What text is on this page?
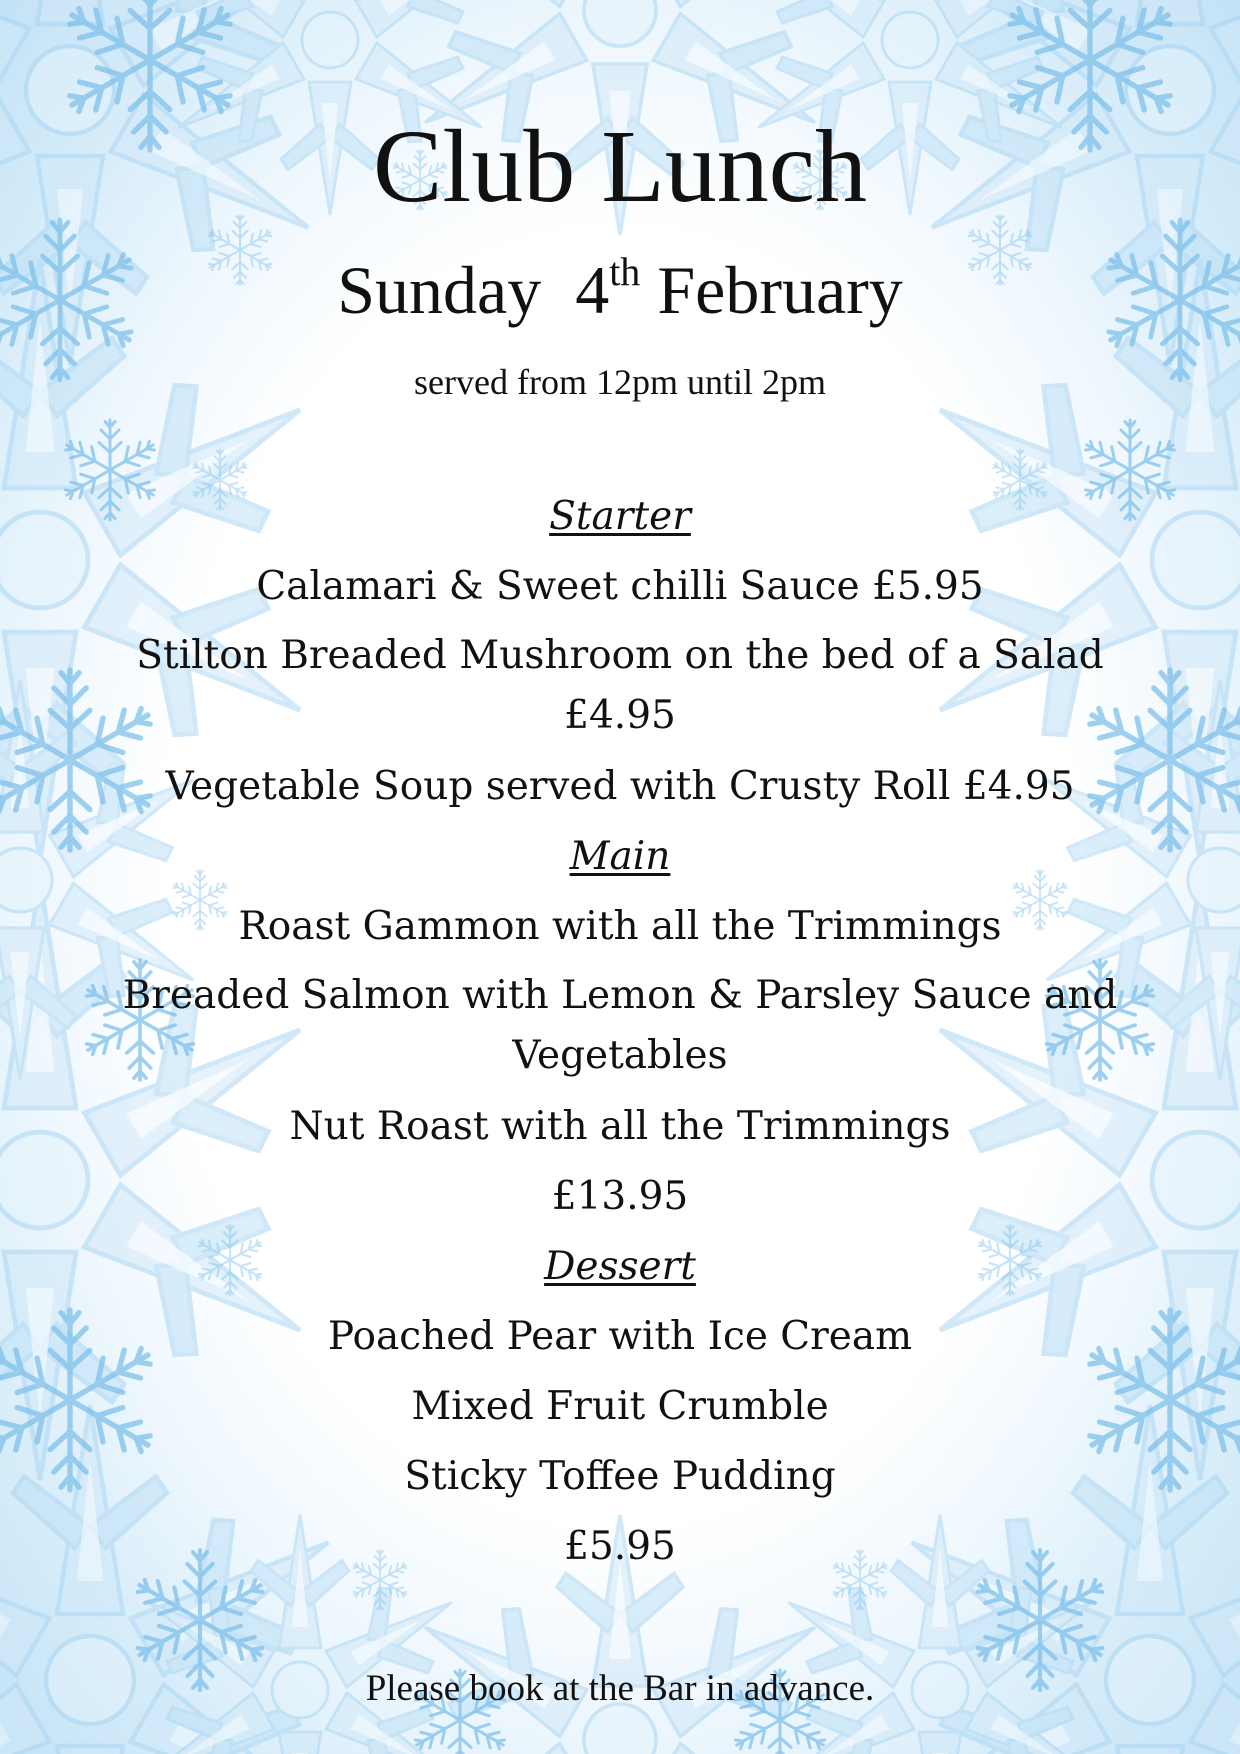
Club Lunch
Sunday 4th February
served from 12pm until 2pm
Starter
Calamari & Sweet chilli Sauce £5.95
Stilton Breaded Mushroom on the bed of a Salad £4.95
Vegetable Soup served with Crusty Roll £4.95
Main
Roast Gammon with all the Trimmings
Breaded Salmon with Lemon & Parsley Sauce and Vegetables
Nut Roast with all the Trimmings
£13.95
Dessert
Poached Pear with Ice Cream
Mixed Fruit Crumble
Sticky Toffee Pudding
£5.95
Please book at the Bar in advance.
